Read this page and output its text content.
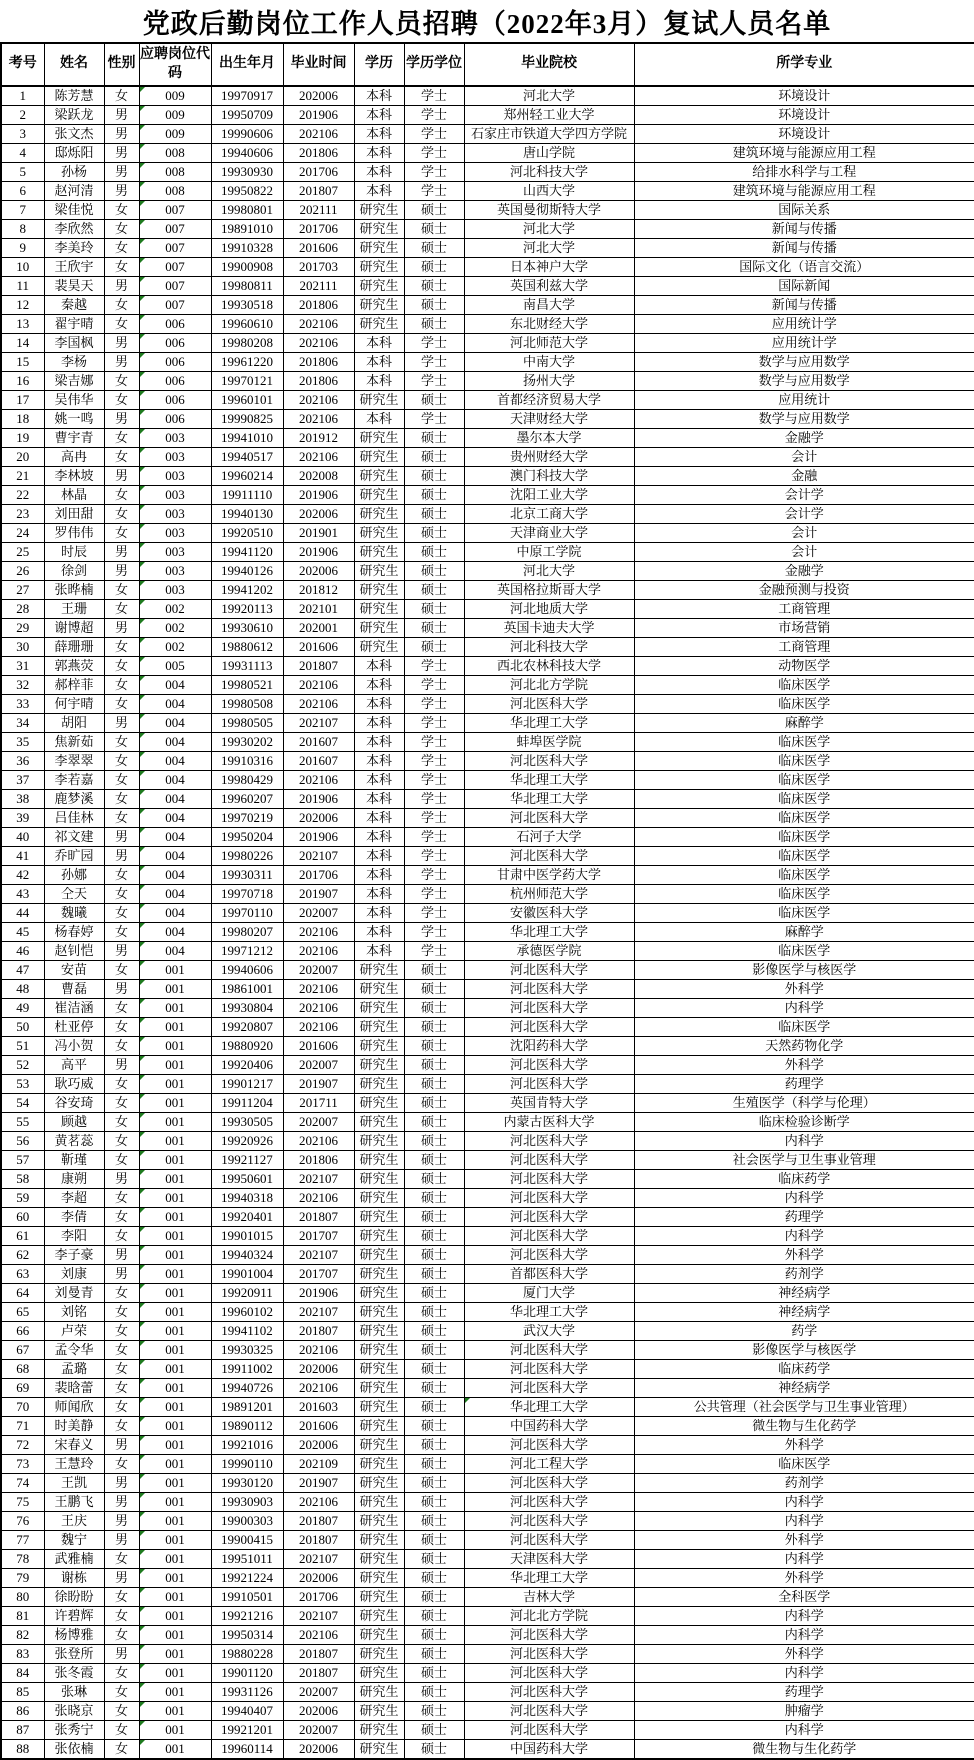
党政后勤岗位工作人员招聘（2022年3月）复试人员名单
考号	姓名	性别	应聘岗位代码	出生年月	毕业时间	学历	学历学位	毕业院校	所学专业
1	陈芳慧	女	009	19970917	202006	本科	学士	河北大学	环境设计
2	梁跃龙	男	009	19950709	201906	本科	学士	郑州轻工业大学	环境设计
3	张文杰	男	009	19990606	202106	本科	学士	石家庄市铁道大学四方学院	环境设计
4	邸烁阳	男	008	19940606	201806	本科	学士	唐山学院	建筑环境与能源应用工程
5	孙杨	男	008	19930930	201706	本科	学士	河北科技大学	给排水科学与工程
6	赵河清	男	008	19950822	201807	本科	学士	山西大学	建筑环境与能源应用工程
7	梁佳悦	女	007	19980801	202111	研究生	硕士	英国曼彻斯特大学	国际关系
8	李欣然	女	007	19891010	201706	研究生	硕士	河北大学	新闻与传播
9	李美玲	女	007	19910328	201606	研究生	硕士	河北大学	新闻与传播
10	王欣宇	女	007	19900908	201703	研究生	硕士	日本神户大学	国际文化（语言交流）
11	裴昊天	男	007	19980811	202111	研究生	硕士	英国利兹大学	国际新闻
12	秦越	女	007	19930518	201806	研究生	硕士	南昌大学	新闻与传播
13	翟宇晴	女	006	19960610	202106	研究生	硕士	东北财经大学	应用统计学
14	李国枫	男	006	19980208	202106	本科	学士	河北师范大学	应用统计学
15	李杨	男	006	19961220	201806	本科	学士	中南大学	数学与应用数学
16	梁吉娜	女	006	19970121	201806	本科	学士	扬州大学	数学与应用数学
17	吴伟华	女	006	19960101	202106	研究生	硕士	首都经济贸易大学	应用统计
18	姚一鸣	男	006	19990825	202106	本科	学士	天津财经大学	数学与应用数学
19	曹宇青	女	003	19941010	201912	研究生	硕士	墨尔本大学	金融学
20	高冉	女	003	19940517	202106	研究生	硕士	贵州财经大学	会计
21	李林坡	男	003	19960214	202008	研究生	硕士	澳门科技大学	金融
22	林晶	女	003	19911110	201906	研究生	硕士	沈阳工业大学	会计学
23	刘田甜	女	003	19940130	202006	研究生	硕士	北京工商大学	会计学
24	罗伟伟	女	003	19920510	201901	研究生	硕士	天津商业大学	会计
25	时辰	男	003	19941120	201906	研究生	硕士	中原工学院	会计
26	徐剑	男	003	19940126	202006	研究生	硕士	河北大学	金融学
27	张晔楠	女	003	19941202	201812	研究生	硕士	英国格拉斯哥大学	金融预测与投资
28	王珊	女	002	19920113	202101	研究生	硕士	河北地质大学	工商管理
29	谢博超	男	002	19930610	202001	研究生	硕士	英国卡迪夫大学	市场营销
30	薛珊珊	女	002	19880612	201606	研究生	硕士	河北科技大学	工商管理
31	郭燕荧	女	005	19931113	201807	本科	学士	西北农林科技大学	动物医学
32	郝梓菲	女	004	19980521	202106	本科	学士	河北北方学院	临床医学
33	何宇晴	女	004	19980508	202106	本科	学士	河北医科大学	临床医学
34	胡阳	男	004	19980505	202107	本科	学士	华北理工大学	麻醉学
35	焦新茹	女	004	19930202	201607	本科	学士	蚌埠医学院	临床医学
36	李翠翠	女	004	19910316	201607	本科	学士	河北医科大学	临床医学
37	李若嘉	女	004	19980429	202106	本科	学士	华北理工大学	临床医学
38	鹿梦溪	女	004	19960207	201906	本科	学士	华北理工大学	临床医学
39	吕佳林	女	004	19970219	202006	本科	学士	河北医科大学	临床医学
40	祁文建	男	004	19950204	201906	本科	学士	石河子大学	临床医学
41	乔旷园	男	004	19980226	202107	本科	学士	河北医科大学	临床医学
42	孙娜	女	004	19930311	201706	本科	学士	甘肃中医学药大学	临床医学
43	仝天	女	004	19970718	201907	本科	学士	杭州师范大学	临床医学
44	魏曦	女	004	19970110	202007	本科	学士	安徽医科大学	临床医学
45	杨春婷	女	004	19980207	202106	本科	学士	华北理工大学	麻醉学
46	赵钊恺	男	004	19971212	202106	本科	学士	承德医学院	临床医学
47	安苗	女	001	19940606	202007	研究生	硕士	河北医科大学	影像医学与核医学
48	曹磊	男	001	19861001	202106	研究生	硕士	河北医科大学	外科学
49	崔洁涵	女	001	19930804	202106	研究生	硕士	河北医科大学	内科学
50	杜亚停	女	001	19920807	202106	研究生	硕士	河北医科大学	临床医学
51	冯小贺	女	001	19880920	201606	研究生	硕士	沈阳药科大学	天然药物化学
52	高平	男	001	19920406	202007	研究生	硕士	河北医科大学	外科学
53	耿巧威	女	001	19901217	201907	研究生	硕士	河北医科大学	药理学
54	谷安琦	女	001	19911204	201711	研究生	硕士	英国肯特大学	生殖医学（科学与伦理）
55	顾越	女	001	19930505	202007	研究生	硕士	内蒙古医科大学	临床检验诊断学
56	黄茗蕊	女	001	19920926	202106	研究生	硕士	河北医科大学	内科学
57	靳瑾	女	001	19921127	201806	研究生	硕士	河北医科大学	社会医学与卫生事业管理
58	康朔	男	001	19950601	202107	研究生	硕士	河北医科大学	临床药学
59	李超	女	001	19940318	202106	研究生	硕士	河北医科大学	内科学
60	李倩	女	001	19920401	201807	研究生	硕士	河北医科大学	药理学
61	李阳	女	001	19901015	201707	研究生	硕士	河北医科大学	内科学
62	李子豪	男	001	19940324	202107	研究生	硕士	河北医科大学	外科学
63	刘康	男	001	19901004	201707	研究生	硕士	首都医科大学	药剂学
64	刘曼青	女	001	19920911	201906	研究生	硕士	厦门大学	神经病学
65	刘铭	女	001	19960102	202107	研究生	硕士	华北理工大学	神经病学
66	卢荣	女	001	19941102	201807	研究生	硕士	武汉大学	药学
67	孟令华	女	001	19930325	202106	研究生	硕士	河北医科大学	影像医学与核医学
68	孟璐	女	001	19911002	202006	研究生	硕士	河北医科大学	临床药学
69	裴晗蕾	女	001	19940726	202106	研究生	硕士	河北医科大学	神经病学
70	师闻欣	女	001	19891201	201603	研究生	硕士	华北理工大学	公共管理（社会医学与卫生事业管理）
71	时美静	女	001	19890112	201606	研究生	硕士	中国药科大学	微生物与生化药学
72	宋春义	男	001	19921016	202006	研究生	硕士	河北医科大学	外科学
73	王慧玲	女	001	19990110	202109	研究生	硕士	河北工程大学	临床医学
74	王凯	男	001	19930120	201907	研究生	硕士	河北医科大学	药剂学
75	王鹏飞	男	001	19930903	202106	研究生	硕士	河北医科大学	内科学
76	王庆	男	001	19900303	201807	研究生	硕士	河北医科大学	内科学
77	魏宁	男	001	19900415	201807	研究生	硕士	河北医科大学	外科学
78	武雅楠	女	001	19951011	202107	研究生	硕士	天津医科大学	内科学
79	谢栋	男	001	19921224	202006	研究生	硕士	华北理工大学	外科学
80	徐盼盼	女	001	19910501	201706	研究生	硕士	吉林大学	全科医学
81	许碧辉	女	001	19921216	202107	研究生	硕士	河北北方学院	内科学
82	杨博雅	女	001	19950314	202106	研究生	硕士	河北医科大学	内科学
83	张登所	男	001	19880228	201807	研究生	硕士	河北医科大学	外科学
84	张冬霞	女	001	19901120	201807	研究生	硕士	河北医科大学	内科学
85	张琳	女	001	19931126	202007	研究生	硕士	河北医科大学	药理学
86	张晓京	女	001	19940407	202006	研究生	硕士	河北医科大学	肿瘤学
87	张秀宁	女	001	19921201	202007	研究生	硕士	河北医科大学	内科学
88	张依楠	女	001	19960114	202006	研究生	硕士	中国药科大学	微生物与生化药学
